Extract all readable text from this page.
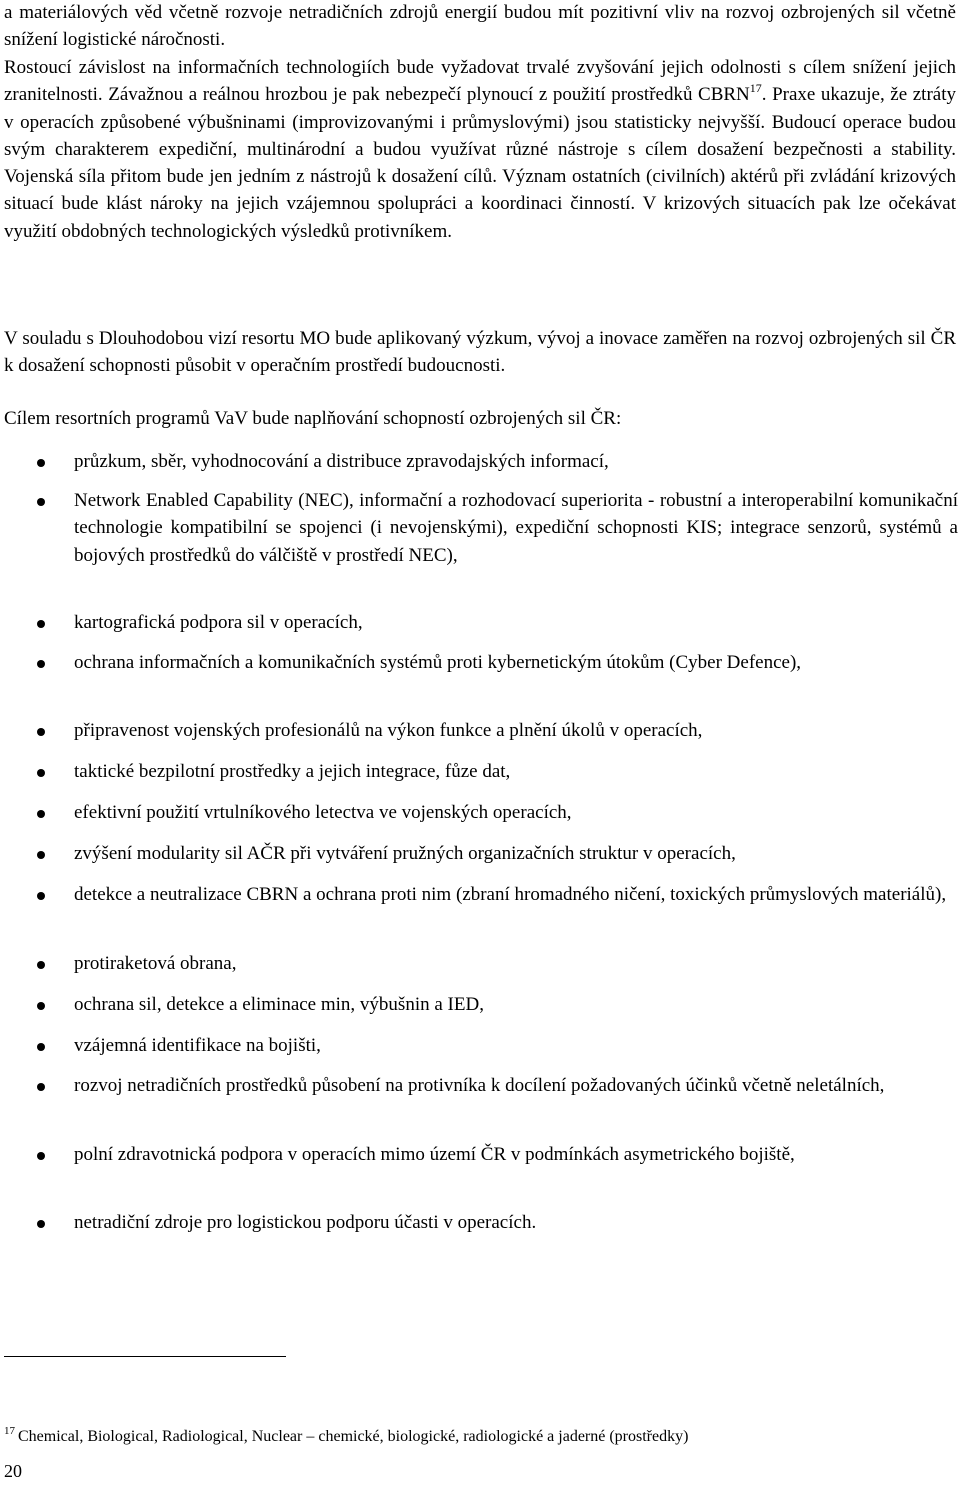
a materiálových věd včetně rozvoje netradičních zdrojů energií budou mít pozitivní vliv na rozvoj ozbrojených sil včetně snížení logistické náročnosti.

Rostoucí závislost na informačních technologiích bude vyžadovat trvalé zvyšování jejich odolnosti s cílem snížení jejich zranitelnosti. Závažnou a reálnou hrozbou je pak nebezpečí plynoucí z použití prostředků CBRN$^{17}$. Praxe ukazuje, že ztráty v operacích způsobené výbušninami (improvizovanými i průmyslovými) jsou statisticky nejvyšší. Budoucí operace budou svým charakterem expediční, multinárodní a budou využívat různé nástroje s cílem dosažení bezpečnosti a stability. Vojenská síla přitom bude jen jedním z nástrojů k dosažení cílů. Význam ostatních (civilních) aktérů při zvládání krizových situací bude klást nároky na jejich vzájemnou spolupráci a koordinaci činností. V krizových situacích pak lze očekávat využití obdobných technologických výsledků protivníkem.

V souladu s Dlouhodobou vizí resortu MO bude aplikovaný výzkum, vývoj a inovace zaměřen na rozvoj ozbrojených sil ČR k dosažení schopnosti působit v operačním prostředí budoucnosti.

Cílem resortních programů VaV bude naplňování schopností ozbrojených sil ČR:

průzkum, sběr, vyhodnocování a distribuce zpravodajských informací,

Network Enabled Capability (NEC), informační a rozhodovací superiorita - robustní a interoperabilní komunikační technologie kompatibilní se spojenci (i nevojenskými), expediční schopnosti KIS; integrace senzorů, systémů a bojových prostředků do válčiště v prostředí NEC),

kartografická podpora sil v operacích,

ochrana informačních a komunikačních systémů proti kybernetickým útokům (Cyber Defence),

připravenost vojenských profesionálů na výkon funkce a plnění úkolů v operacích,

taktické bezpilotní prostředky a jejich integrace, fůze dat,

efektivní použití vrtulníkového letectva ve vojenských operacích,

zvýšení modularity sil AČR při vytváření pružných organizačních struktur v operacích,

detekce a neutralizace CBRN a ochrana proti nim (zbraní hromadného ničení, toxických průmyslových materiálů),

protiraketová obrana,

ochrana sil, detekce a eliminace min, výbušnin a IED,

vzájemná identifikace na bojišti,

rozvoj netradičních prostředků působení na protivníka k docílení požadovaných účinků včetně neletálních,

polní zdravotnická podpora v operacích mimo území ČR v podmínkách asymetrického bojiště,

netradiční zdroje pro logistickou podporu účasti v operacích.

$^{17}$ Chemical, Biological, Radiological, Nuclear – chemické, biologické, radiologické a jaderné (prostředky)

20
